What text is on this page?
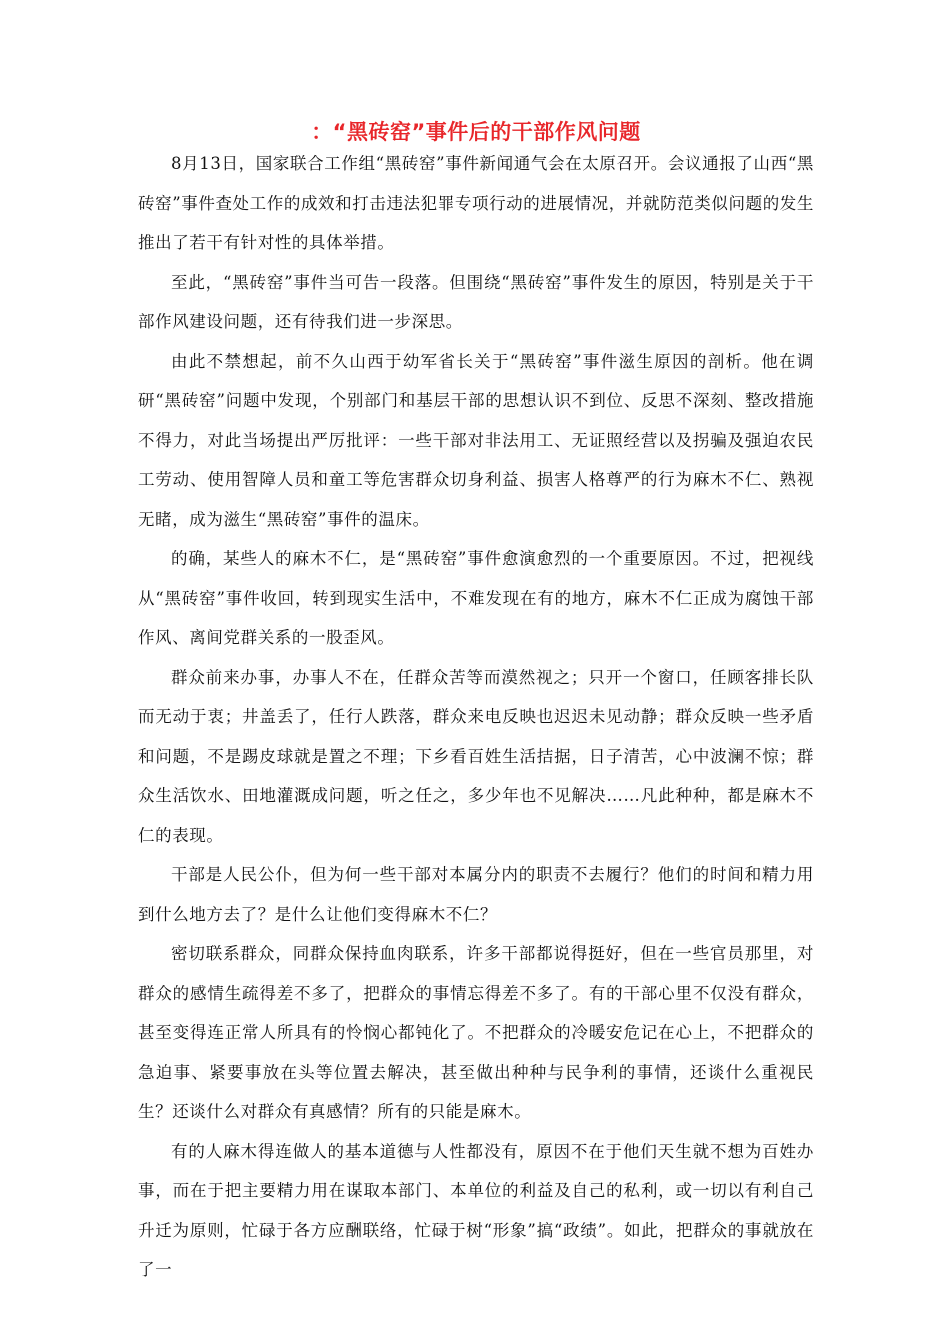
：“黑砖窑”事件后的干部作风问题

8月13日，国家联合工作组“黑砖窑”事件新闻通气会在太原召开。会议通报了山西“黑砖窑”事件查处工作的成效和打击违法犯罪专项行动的进展情况，并就防范类似问题的发生推出了若干有针对性的具体举措。

至此，“黑砖窑”事件当可告一段落。但围绕“黑砖窑”事件发生的原因，特别是关于干部作风建设问题，还有待我们进一步深思。

由此不禁想起，前不久山西于幼军省长关于“黑砖窑”事件滋生原因的剖析。他在调研“黑砖窑”问题中发现，个别部门和基层干部的思想认识不到位、反思不深刻、整改措施不得力，对此当场提出严厉批评：一些干部对非法用工、无证照经营以及拐骗及强迫农民工劳动、使用智障人员和童工等危害群众切身利益、损害人格尊严的行为麻木不仁、熟视无睹，成为滋生“黑砖窑”事件的温床。

的确，某些人的麻木不仁，是“黑砖窑”事件愈演愈烈的一个重要原因。不过，把视线从“黑砖窑”事件收回，转到现实生活中，不难发现在有的地方，麻木不仁正成为腐蚀干部作风、离间党群关系的一股歪风。

群众前来办事，办事人不在，任群众苦等而漠然视之；只开一个窗口，任顾客排长队而无动于衷；井盖丢了，任行人跌落，群众来电反映也迟迟未见动静；群众反映一些矛盾和问题，不是踢皮球就是置之不理；下乡看百姓生活拮据，日子清苦，心中波澜不惊；群众生活饮水、田地灌溉成问题，听之任之，多少年也不见解决……凡此种种，都是麻木不仁的表现。

干部是人民公仆，但为何一些干部对本属分内的职责不去履行？他们的时间和精力用到什么地方去了？是什么让他们变得麻木不仁？

密切联系群众，同群众保持血肉联系，许多干部都说得挺好，但在一些官员那里，对群众的感情生疏得差不多了，把群众的事情忘得差不多了。有的干部心里不仅没有群众，甚至变得连正常人所具有的怜悯心都钝化了。不把群众的冷暖安危记在心上，不把群众的急迫事、紧要事放在头等位置去解决，甚至做出种种与民争利的事情，还谈什么重视民生？还谈什么对群众有真感情？所有的只能是麻木。

有的人麻木得连做人的基本道德与人性都没有，原因不在于他们天生就不想为百姓办事，而在于把主要精力用在谋取本部门、本单位的利益及自己的私利，或一切以有利自己升迁为原则，忙碌于各方应酬联络，忙碌于树“形象”搞“政绩”。如此，把群众的事就放在了一
